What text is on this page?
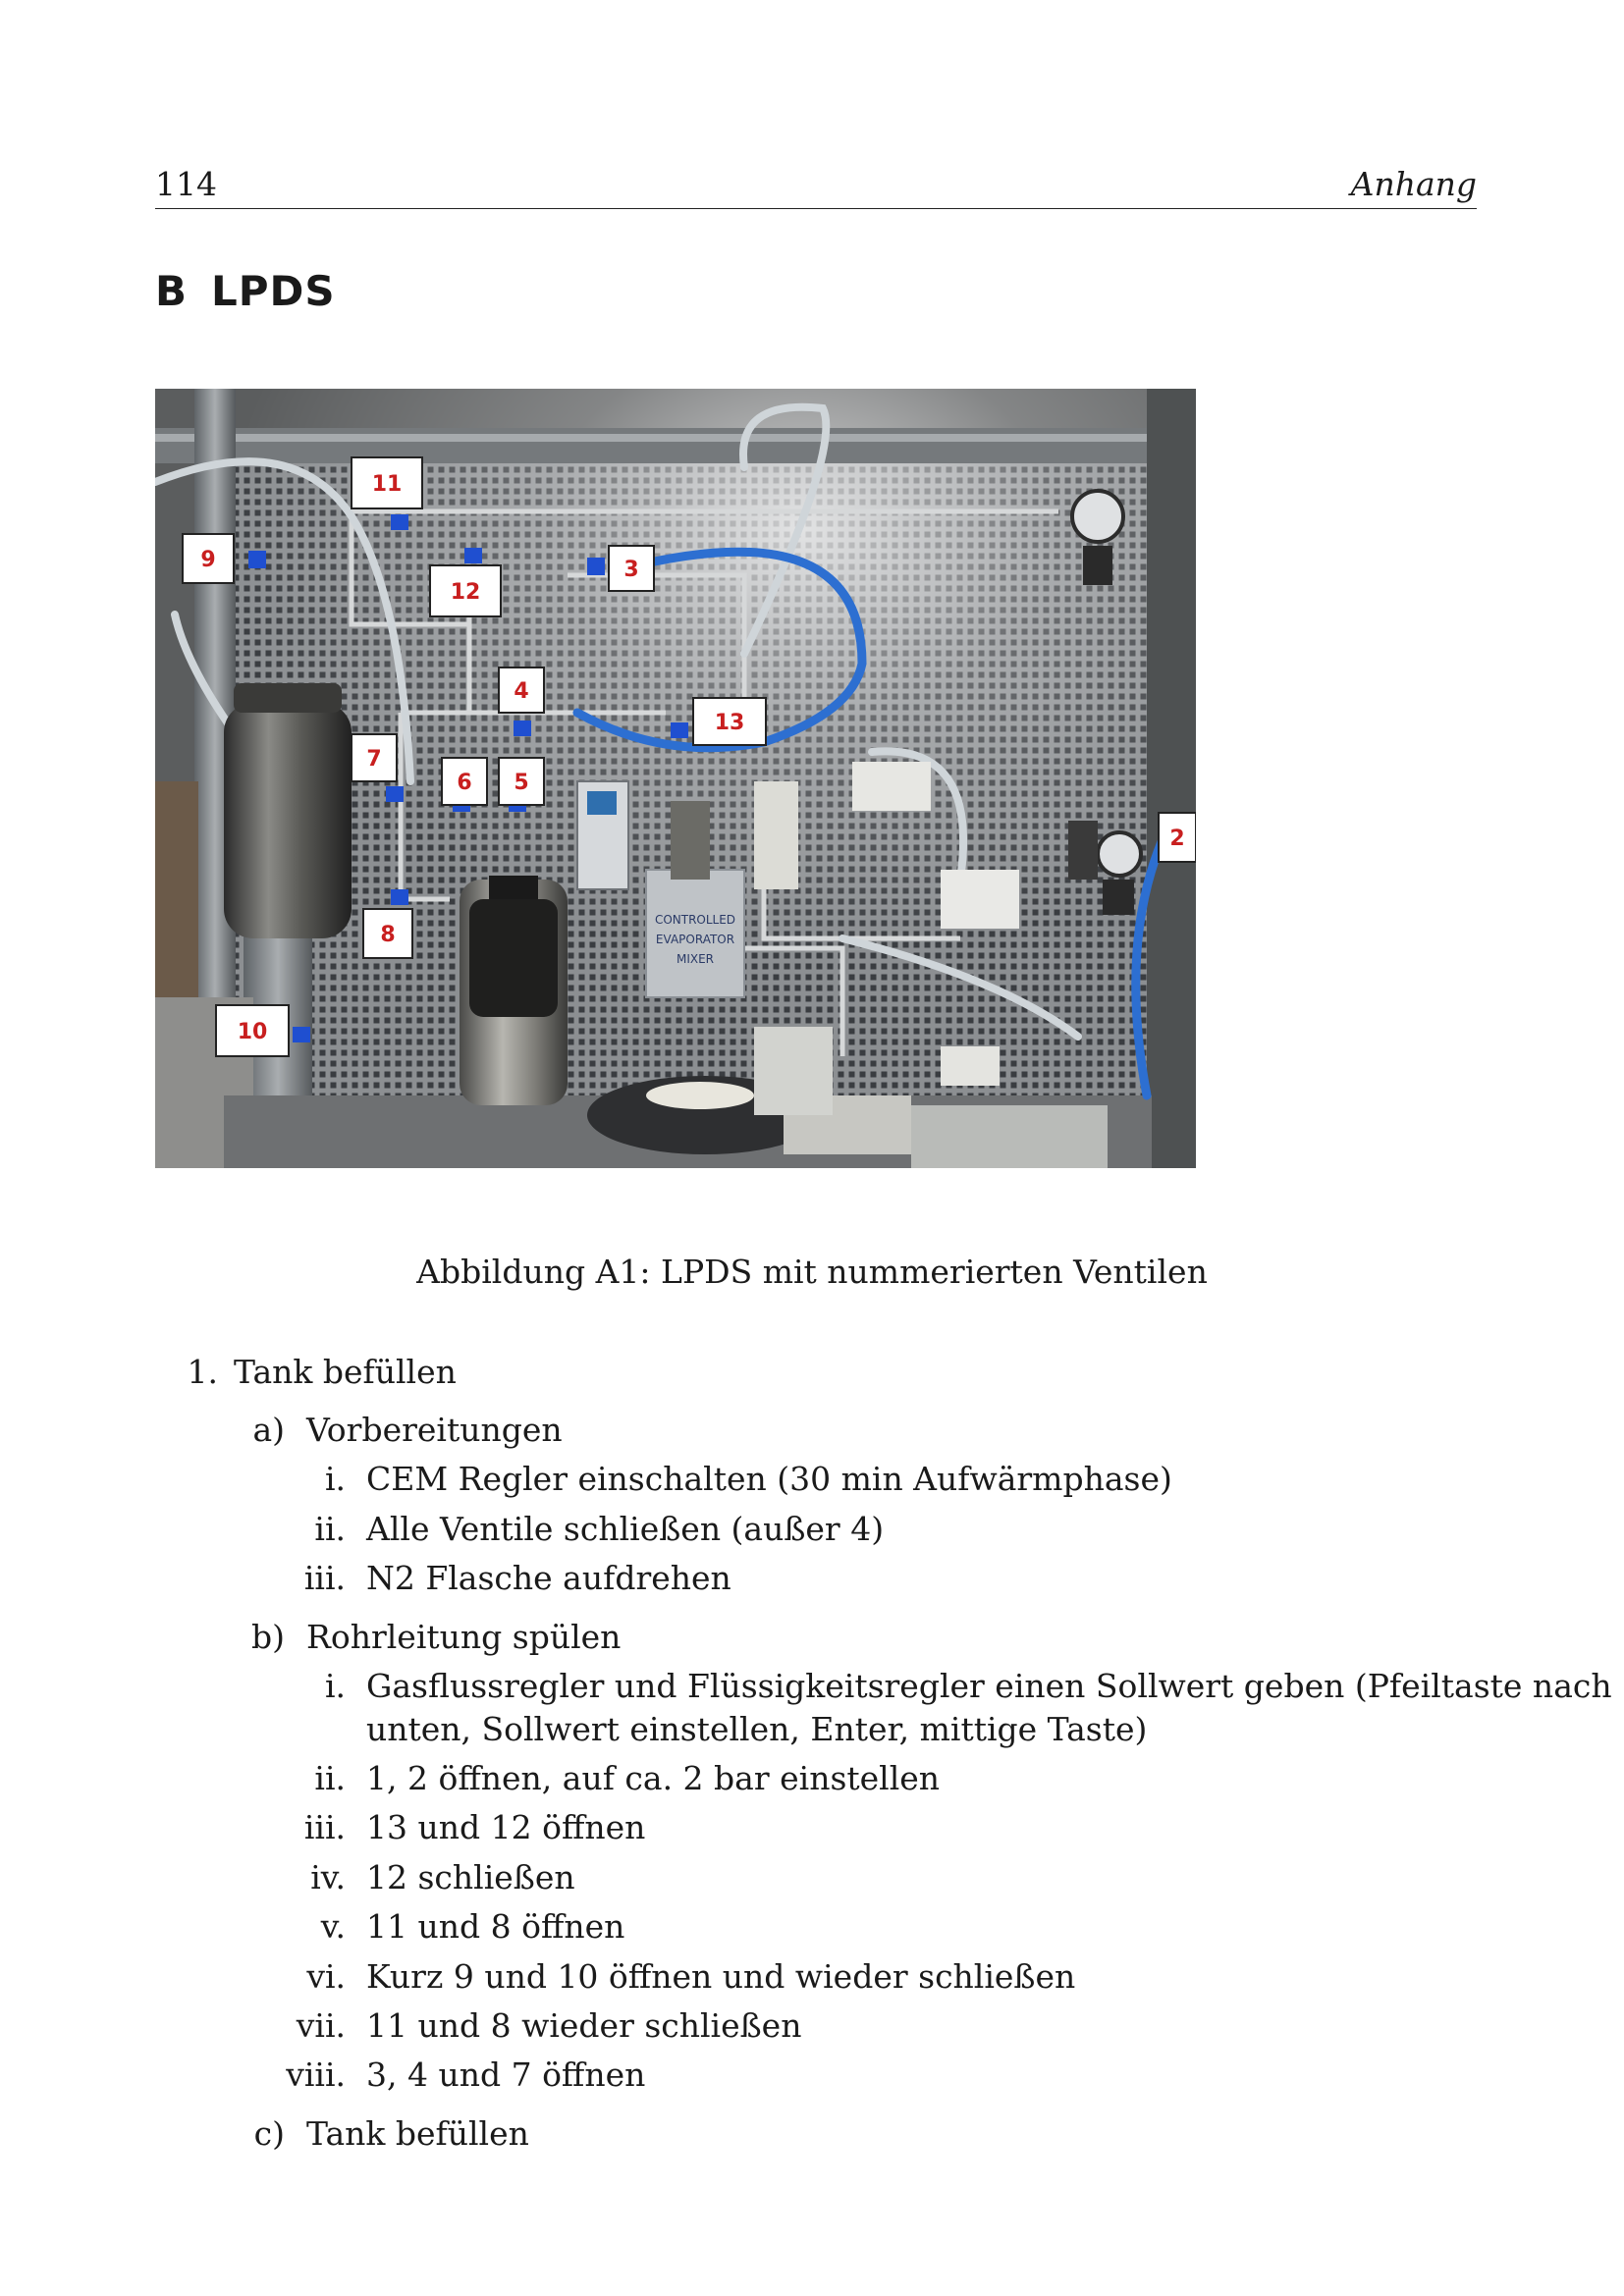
114	Anhang
B LPDS
CONTROLLED
EVAPORATOR
MIXER
11
9
12
3
4
13
7
6 5
2
8
10
Abbildung A1: LPDS mit nummerierten Ventilen
1. Tank befüllen
a) Vorbereitungen
i. CEM Regler einschalten (30 min Aufwärmphase)
ii. Alle Ventile schließen (außer 4)
iii. N2 Flasche aufdrehen
b) Rohrleitung spülen
i. Gasflussregler und Flüssigkeitsregler einen Sollwert geben (Pfeiltaste nach
unten, Sollwert einstellen, Enter, mittige Taste)
ii. 1, 2 öffnen, auf ca. 2 bar einstellen
iii. 13 und 12 öffnen
iv. 12 schließen
v. 11 und 8 öffnen
vi. Kurz 9 und 10 öffnen und wieder schließen
vii. 11 und 8 wieder schließen
viii. 3, 4 und 7 öffnen
c) Tank befüllen
